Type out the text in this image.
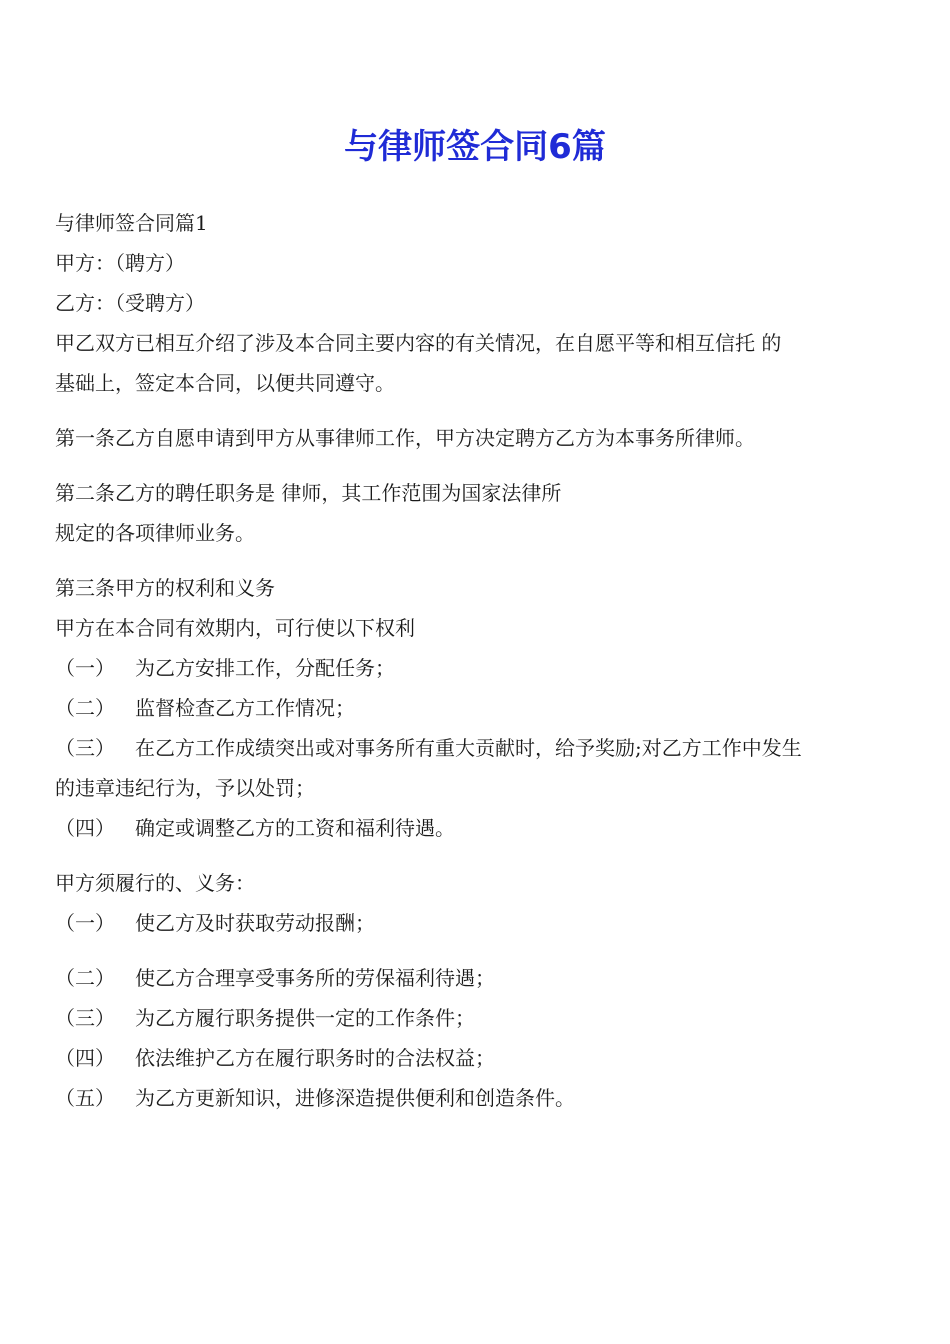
与律师签合同6篇

与律师签合同篇1

甲方：（聘方）

乙方：（受聘方）

甲乙双方已相互介绍了涉及本合同主要内容的有关情况，在自愿平等和相互信托 的

基础上，签定本合同，以便共同遵守。

第一条乙方自愿申请到甲方从事律师工作，甲方决定聘方乙方为本事务所律师。

第二条乙方的聘任职务是 律师，其工作范围为国家法律所

规定的各项律师业务。

第三条甲方的权利和义务

甲方在本合同有效期内，可行使以下权利

（一） 为乙方安排工作，分配任务；

（二） 监督检查乙方工作情况；

（三） 在乙方工作成绩突出或对事务所有重大贡献时，给予奖励;对乙方工作中发生

的违章违纪行为，予以处罚；

（四） 确定或调整乙方的工资和福利待遇。

甲方须履行的、义务：

（一） 使乙方及时获取劳动报酬；

（二） 使乙方合理享受事务所的劳保福利待遇；

（三） 为乙方履行职务提供一定的工作条件；

（四） 依法维护乙方在履行职务时的合法权益；

（五） 为乙方更新知识，进修深造提供便利和创造条件。
